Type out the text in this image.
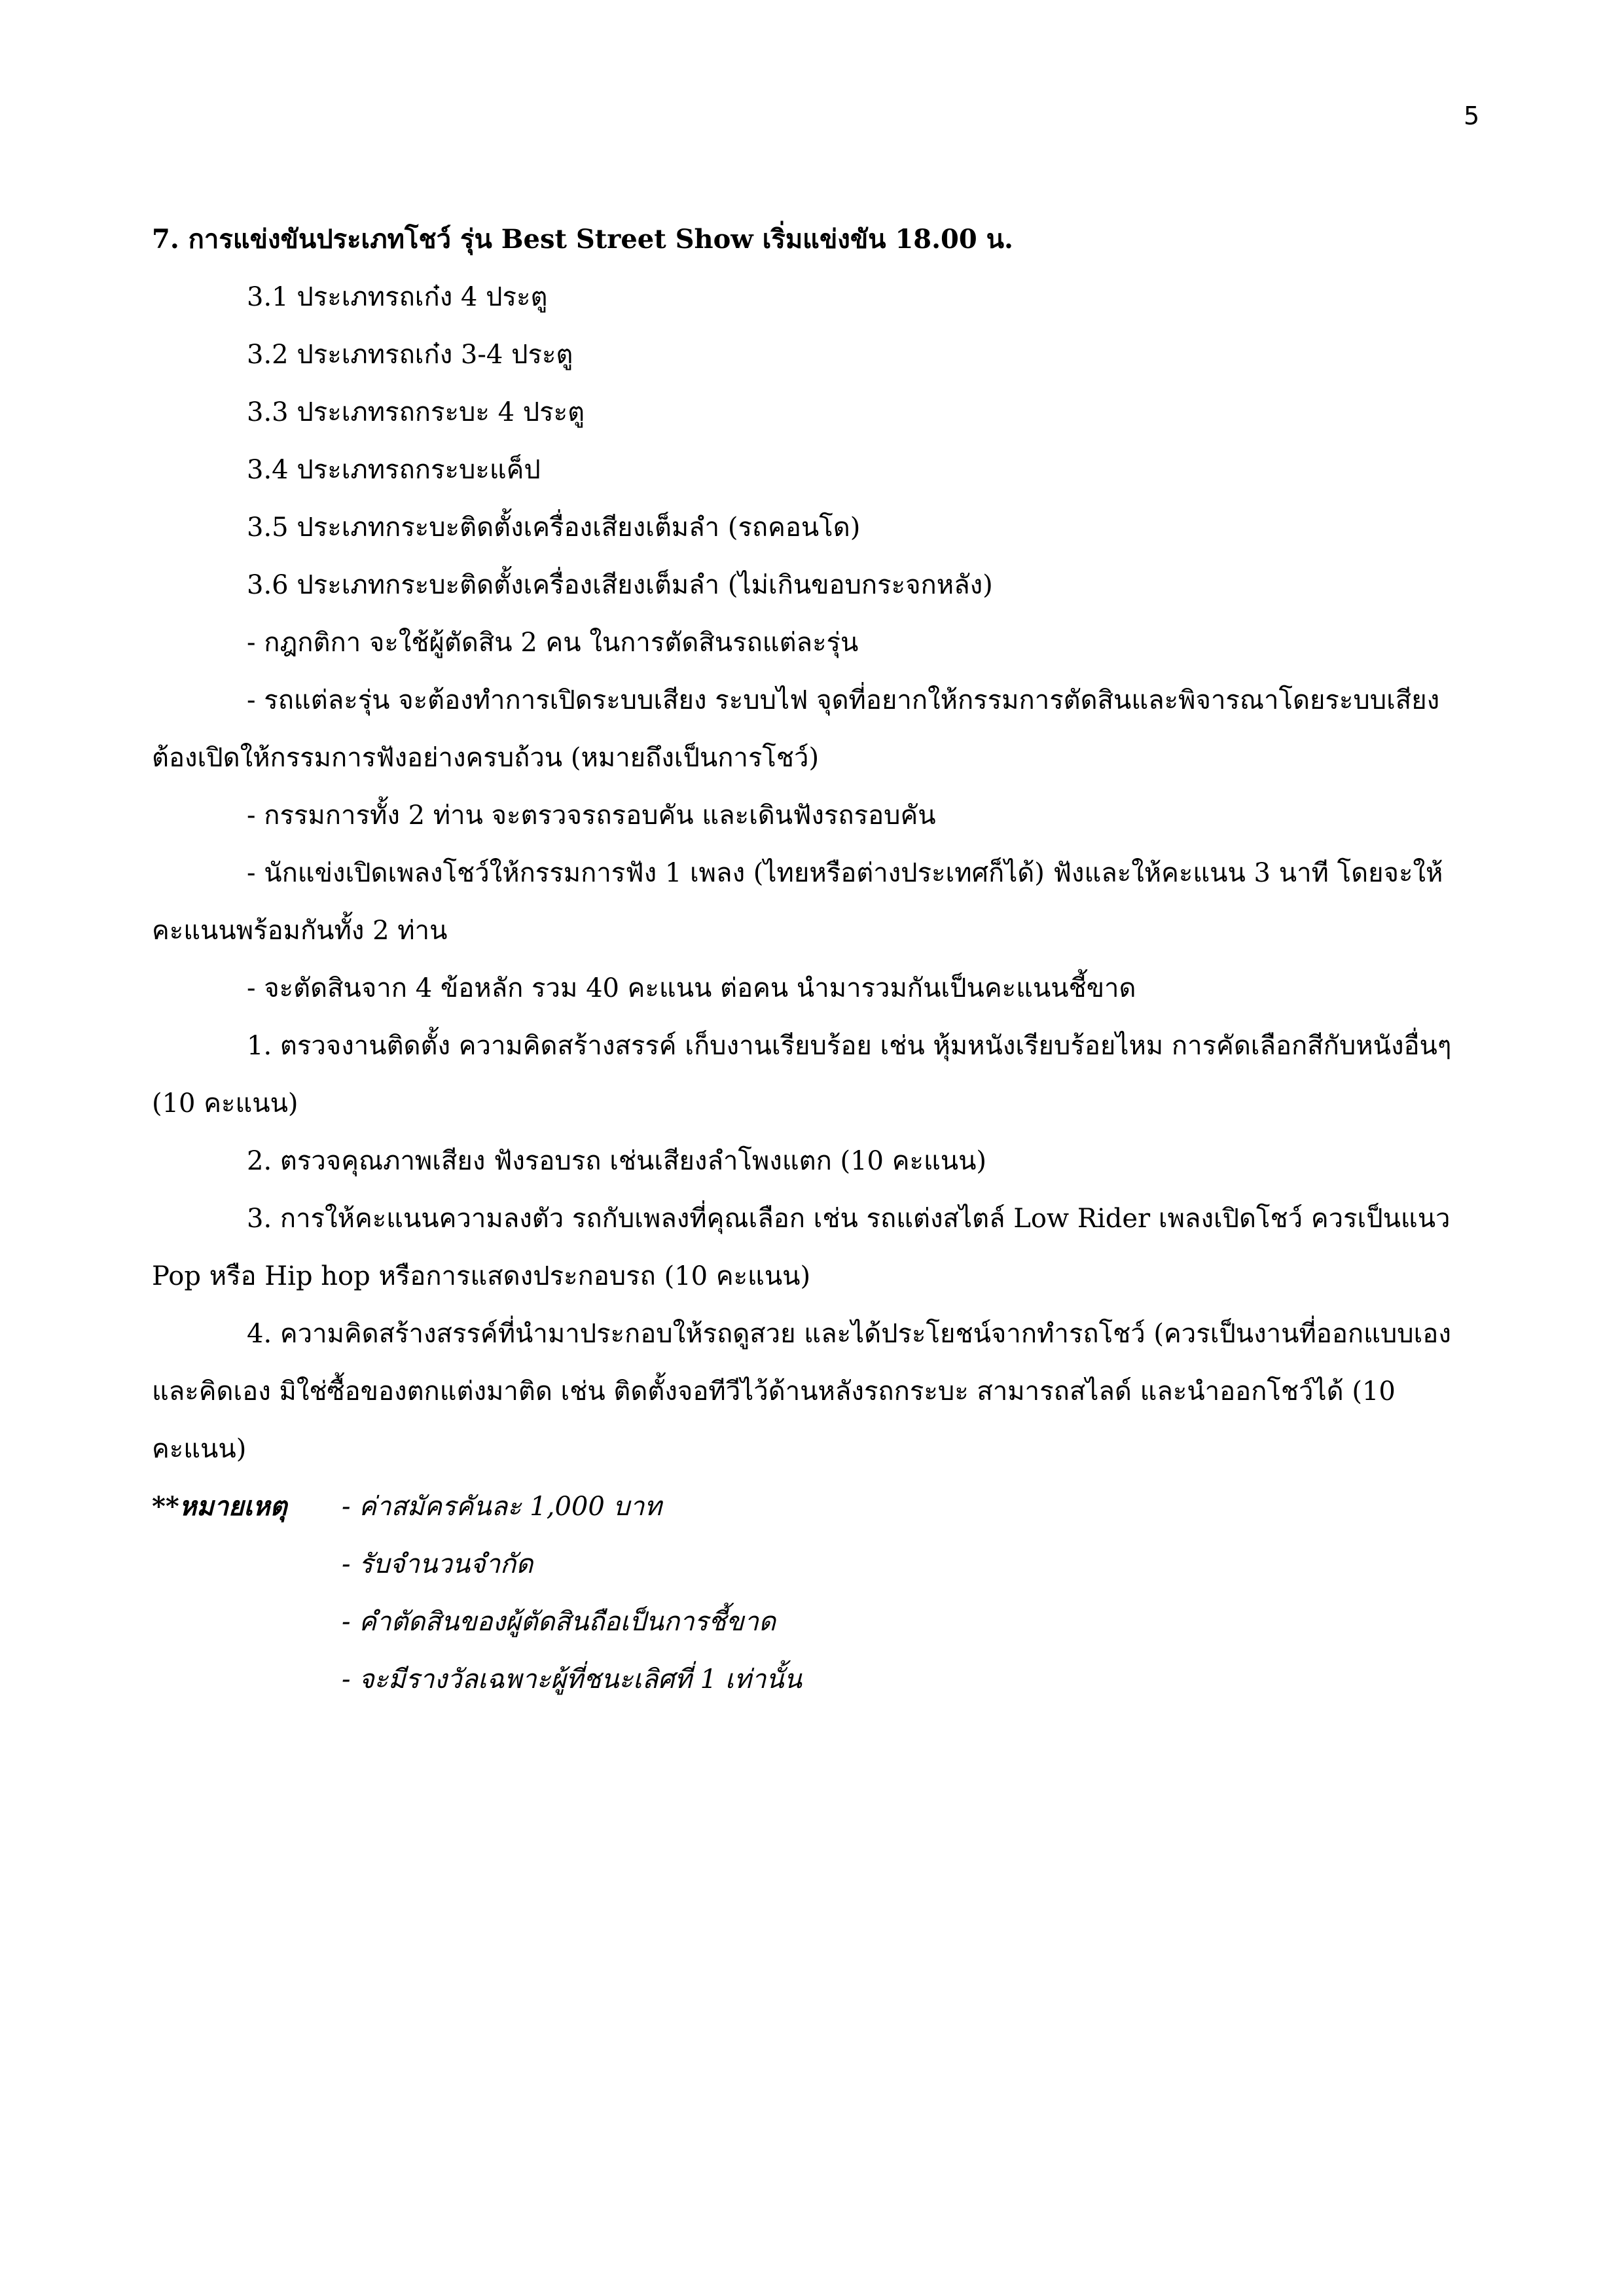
5

7. การแข่งขันประเภทโชว์ รุ่น Best Street Show เริ่มแข่งขัน 18.00 น.

3.1 ประเภทรถเก๋ง 4 ประตู

3.2 ประเภทรถเก๋ง 3-4 ประตู

3.3 ประเภทรถกระบะ 4 ประตู

3.4 ประเภทรถกระบะแค็ป

3.5 ประเภทกระบะติดตั้งเครื่องเสียงเต็มลำ (รถคอนโด)

3.6 ประเภทกระบะติดตั้งเครื่องเสียงเต็มลำ (ไม่เกินขอบกระจกหลัง)

- กฎกติกา จะใช้ผู้ตัดสิน 2 คน ในการตัดสินรถแต่ละรุ่น

- รถแต่ละรุ่น จะต้องทำการเปิดระบบเสียง ระบบไฟ จุดที่อยากให้กรรมการตัดสินและพิจารณาโดยระบบเสียง ต้องเปิดให้กรรมการฟังอย่างครบถ้วน (หมายถึงเป็นการโชว์)

- กรรมการทั้ง 2 ท่าน จะตรวจรถรอบคัน และเดินฟังรถรอบคัน

- นักแข่งเปิดเพลงโชว์ให้กรรมการฟัง 1 เพลง (ไทยหรือต่างประเทศก็ได้) ฟังและให้คะแนน 3 นาที โดยจะให้คะแนนพร้อมกันทั้ง 2 ท่าน

- จะตัดสินจาก 4 ข้อหลัก รวม 40 คะแนน ต่อคน นำมารวมกันเป็นคะแนนชี้ขาด

1. ตรวจงานติดตั้ง ความคิดสร้างสรรค์ เก็บงานเรียบร้อย เช่น หุ้มหนังเรียบร้อยไหม การคัดเลือกสีกับหนังอื่นๆ (10 คะแนน)

2. ตรวจคุณภาพเสียง ฟังรอบรถ เช่นเสียงลำโพงแตก (10 คะแนน)

3. การให้คะแนนความลงตัว รถกับเพลงที่คุณเลือก เช่น รถแต่งสไตล์ Low Rider เพลงเปิดโชว์ ควรเป็นแนว Pop หรือ Hip hop หรือการแสดงประกอบรถ (10 คะแนน)

4. ความคิดสร้างสรรค์ที่นำมาประกอบให้รถดูสวย และได้ประโยชน์จากทำรถโชว์ (ควรเป็นงานที่ออกแบบเอง และคิดเอง มิใช่ซื้อของตกแต่งมาติด เช่น ติดตั้งจอทีวีไว้ด้านหลังรถกระบะ สามารถสไลด์ และนำออกโชว์ได้ (10 คะแนน)

**หมายเหตุ - ค่าสมัครคันละ 1,000 บาท

- รับจำนวนจำกัด

- คำตัดสินของผู้ตัดสินถือเป็นการชี้ขาด

- จะมีรางวัลเฉพาะผู้ที่ชนะเลิศที่ 1 เท่านั้น
